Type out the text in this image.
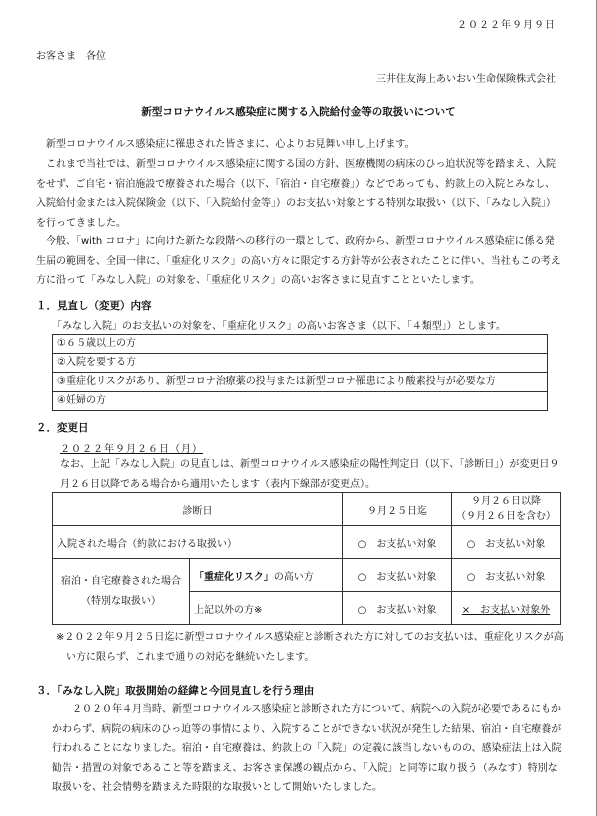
２０２２年９月９日
お客さま　各位
三井住友海上あいおい生命保険株式会社
新型コロナウイルス感染症に関する入院給付金等の取扱いについて
新型コロナウイルス感染症に罹患された皆さまに、心よりお見舞い申し上げます。
これまで当社では、新型コロナウイルス感染症に関する国の方針、医療機関の病床のひっ迫状況等を踏まえ、入院をせず、ご自宅・宿泊施設で療養された場合（以下、「宿泊・自宅療養」）などであっても、約款上の入院とみなし、入院給付金または入院保険金（以下、「入院給付金等」）のお支払い対象とする特別な取扱い（以下、「みなし入院」）を行ってきました。
今般、「with コロナ」に向けた新たな段階への移行の一環として、政府から、新型コロナウイルス感染症に係る発生届の範囲を、全国一律に、「重症化リスク」の高い方々に限定する方針等が公表されたことに伴い、当社もこの考え方に沿って「みなし入院」の対象を、「重症化リスク」の高いお客さまに見直すことといたします。
１．見直し（変更）内容
「みなし入院」のお支払いの対象を、「重症化リスク」の高いお客さま（以下、「４類型」）とします。
①６５歳以上の方
②入院を要する方
③重症化リスクがあり、新型コロナ治療薬の投与または新型コロナ罹患により酸素投与が必要な方
④妊婦の方
２．変更日
２０２２年９月２６日（月）
なお、上記「みなし入院」の見直しは、新型コロナウイルス感染症の陽性判定日（以下、「診断日」）が変更日９月２６日以降である場合から適用いたします（表内下線部が変更点）。
診断日		９月２５日迄	９月２６日以降
（９月２６日を含む）

入院された場合（約款における取扱い）		○　お支払い対象	○　お支払い対象

宿泊・自宅療養された場合
（特別な取扱い）	「重症化リスク」の高い方	○　お支払い対象	○　お支払い対象
	上記以外の方※	○　お支払い対象	×　お支払い対象外
※２０２２年９月２５日迄に新型コロナウイルス感染症と診断された方に対してのお支払いは、重症化リスクが高い方に限らず、これまで通りの対応を継続いたします。
３．「みなし入院」取扱開始の経緯と今回見直しを行う理由
２０２０年４月当時、新型コロナウイルス感染症と診断された方について、病院への入院が必要であるにもかかわらず、病院の病床のひっ迫等の事情により、入院することができない状況が発生した結果、宿泊・自宅療養が行われることになりました。宿泊・自宅療養は、約款上の「入院」の定義に該当しないものの、感染症法上は入院勧告・措置の対象であること等を踏まえ、お客さま保護の観点から、「入院」と同等に取り扱う（みなす）特別な取扱いを、社会情勢を踏まえた時限的な取扱いとして開始いたしました。
